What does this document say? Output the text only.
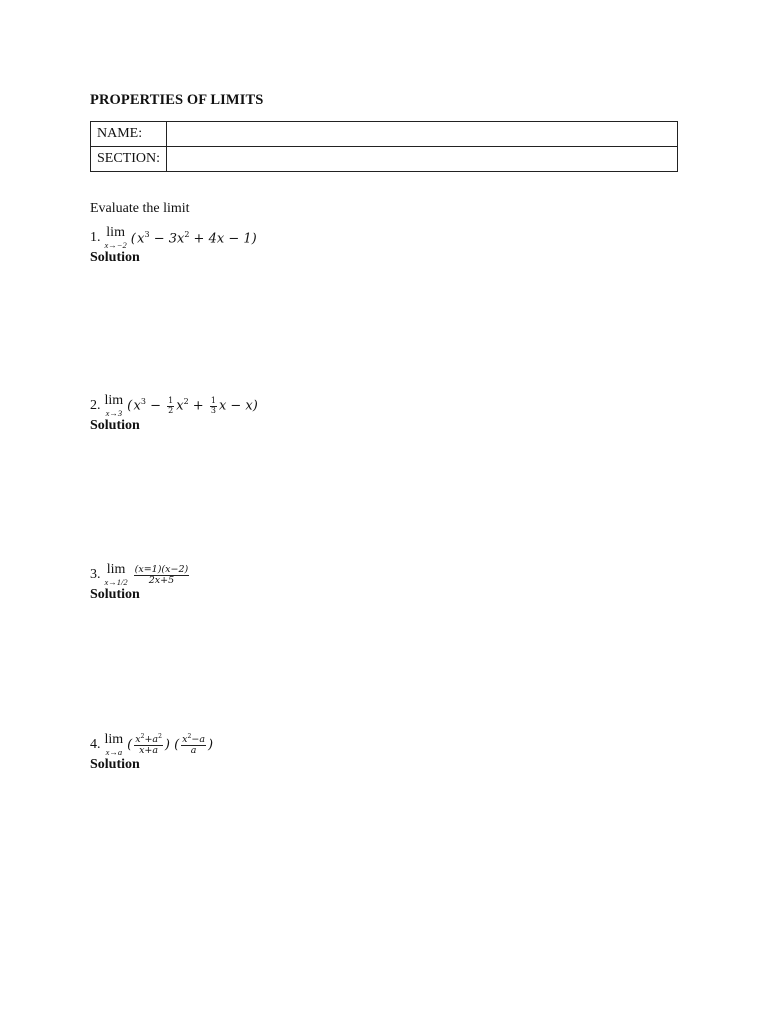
PROPERTIES OF LIMITS
NAME:	
SECTION:	
Evaluate the limit
1. lim
x→−2 ( $x^3 - 3x^2 + 4x - 1$)
Solution
2. lim
x→3 ( $x^3 - \frac{1}{2} x^2 + \frac{1}{3}$ x − x)
Solution
3. lim
$x\to 1/2 \frac{(x=1)(x-2)}{2x+5}$
Solution
4. lim
x→a ( $\frac{x^2+a^2}{x+a}$ ) ( $\frac{x^2-a}{a}$ )
Solution
